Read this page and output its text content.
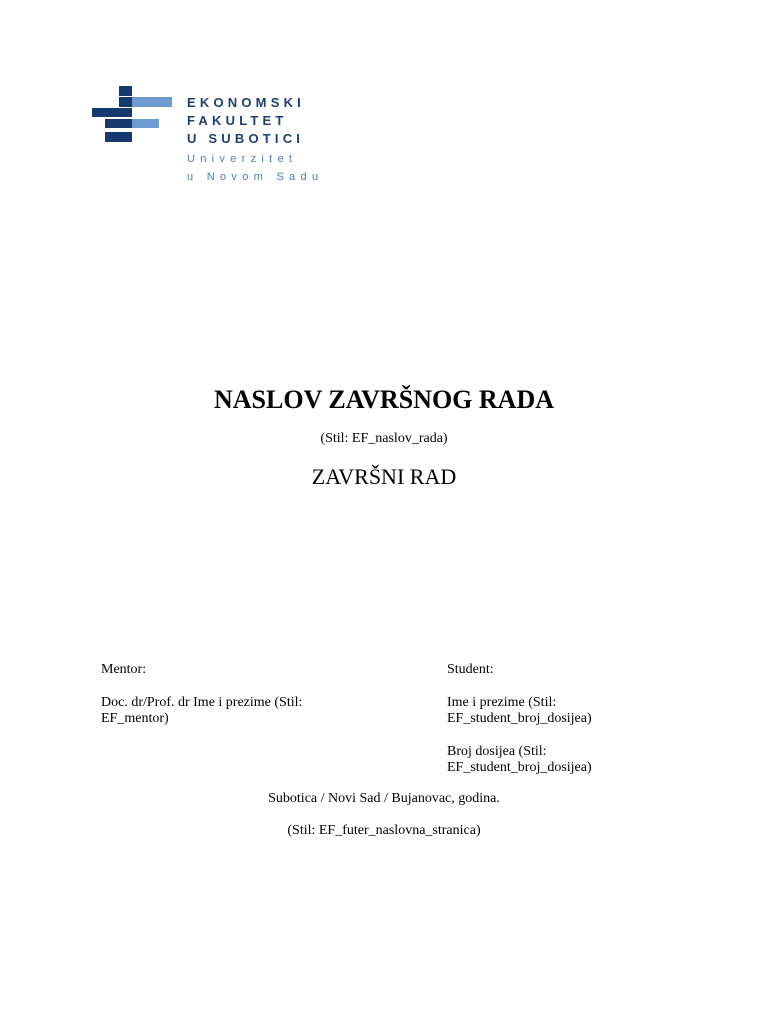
EKONOMSKI
FAKULTET
U SUBOTICI
Univerzitet
u Novom Sadu
NASLOV ZAVRŠNOG RADA
(Stil: EF_naslov_rada)
ZAVRŠNI RAD
Mentor:
Doc. dr/Prof. dr Ime i prezime (Stil:
EF_mentor)
Student:
Ime i prezime (Stil:
EF_student_broj_dosijea)
Broj dosijea (Stil:
EF_student_broj_dosijea)
Subotica / Novi Sad / Bujanovac, godina.
(Stil: EF_futer_naslovna_stranica)
